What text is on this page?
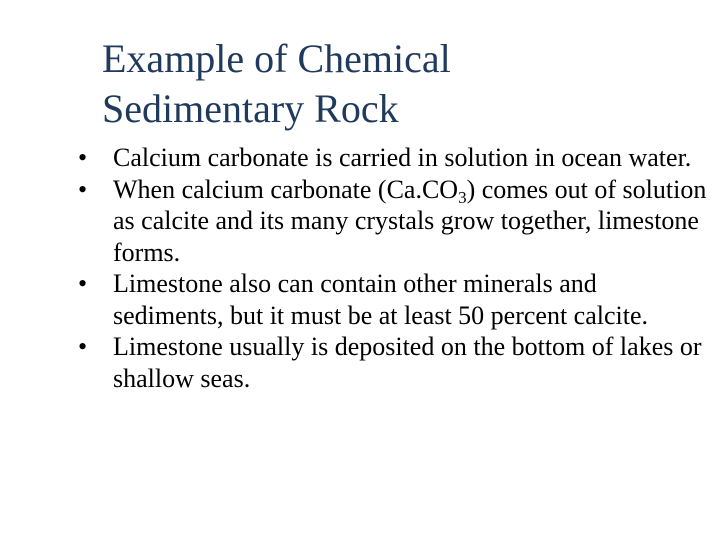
Example of Chemical
Sedimentary Rock
• Calcium carbonate is carried in solution in ocean water.
• When calcium carbonate $(Ca.CO_3)$ comes out of solution as calcite and its many crystals grow together, limestone forms.
• Limestone also can contain other minerals and sediments, but it must be at least 50 percent calcite.
• Limestone usually is deposited on the bottom of lakes or shallow seas.
